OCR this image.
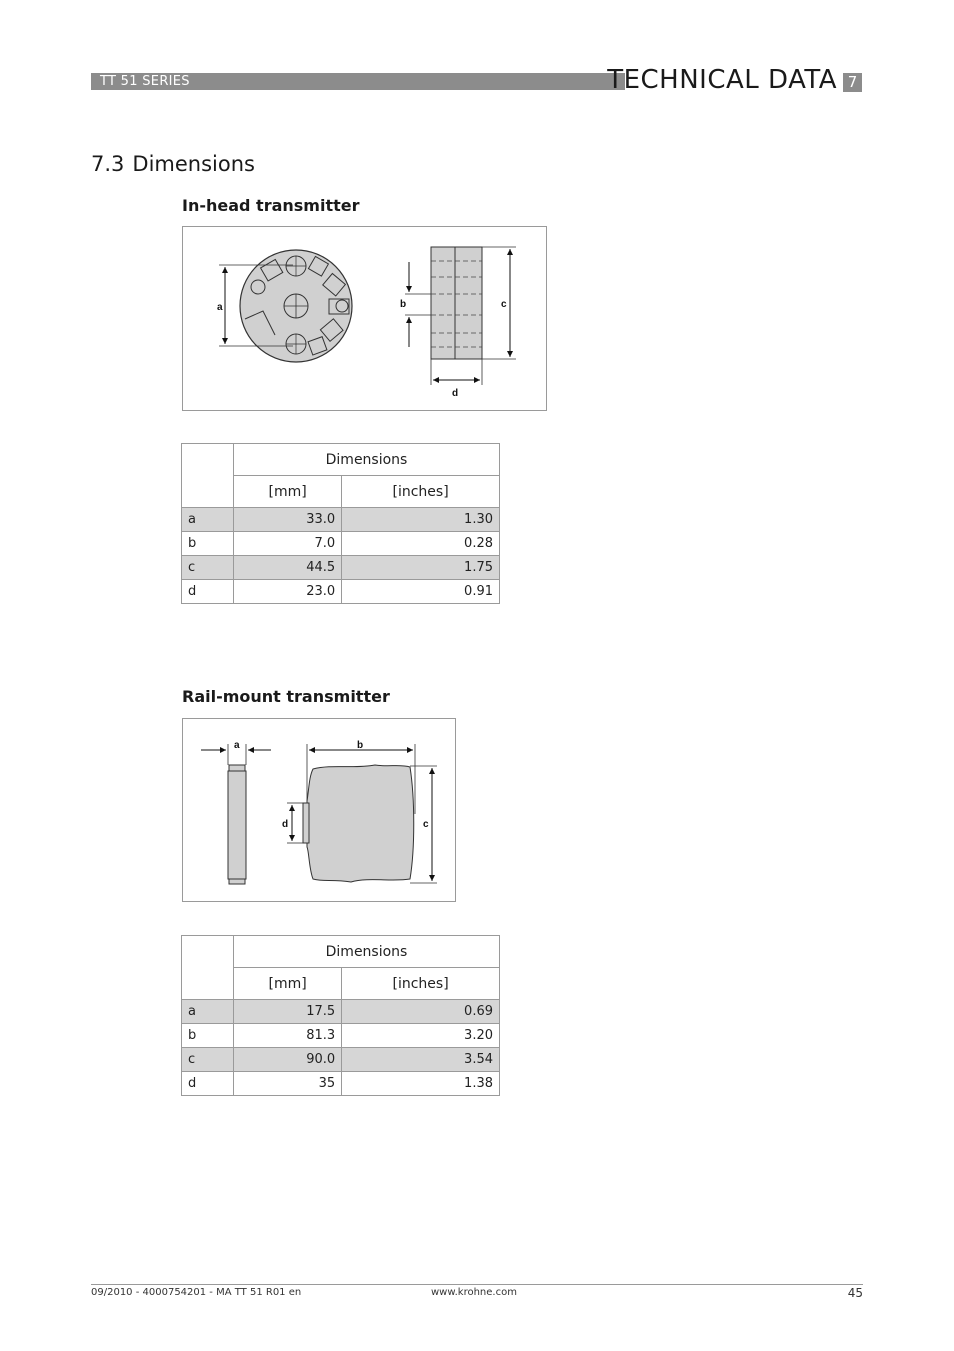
TT 51 SERIES	TECHNICAL DATA 7
7.3 Dimensions
In-head transmitter
a	b	c
d
	Dimensions	
	[mm]	[inches]
a	33.0	1.30
b	7.0	0.28
c	44.5	1.75
d	23.0	0.91
Rail-mount transmitter
a	b
c
d
	Dimensions	
	[mm]	[inches]
a	17.5	0.69
b	81.3	3.20
c	90.0	3.54
d	35	1.38
09/2010 - 4000754201 - MA TT 51 R01 en	www.krohne.com	45
